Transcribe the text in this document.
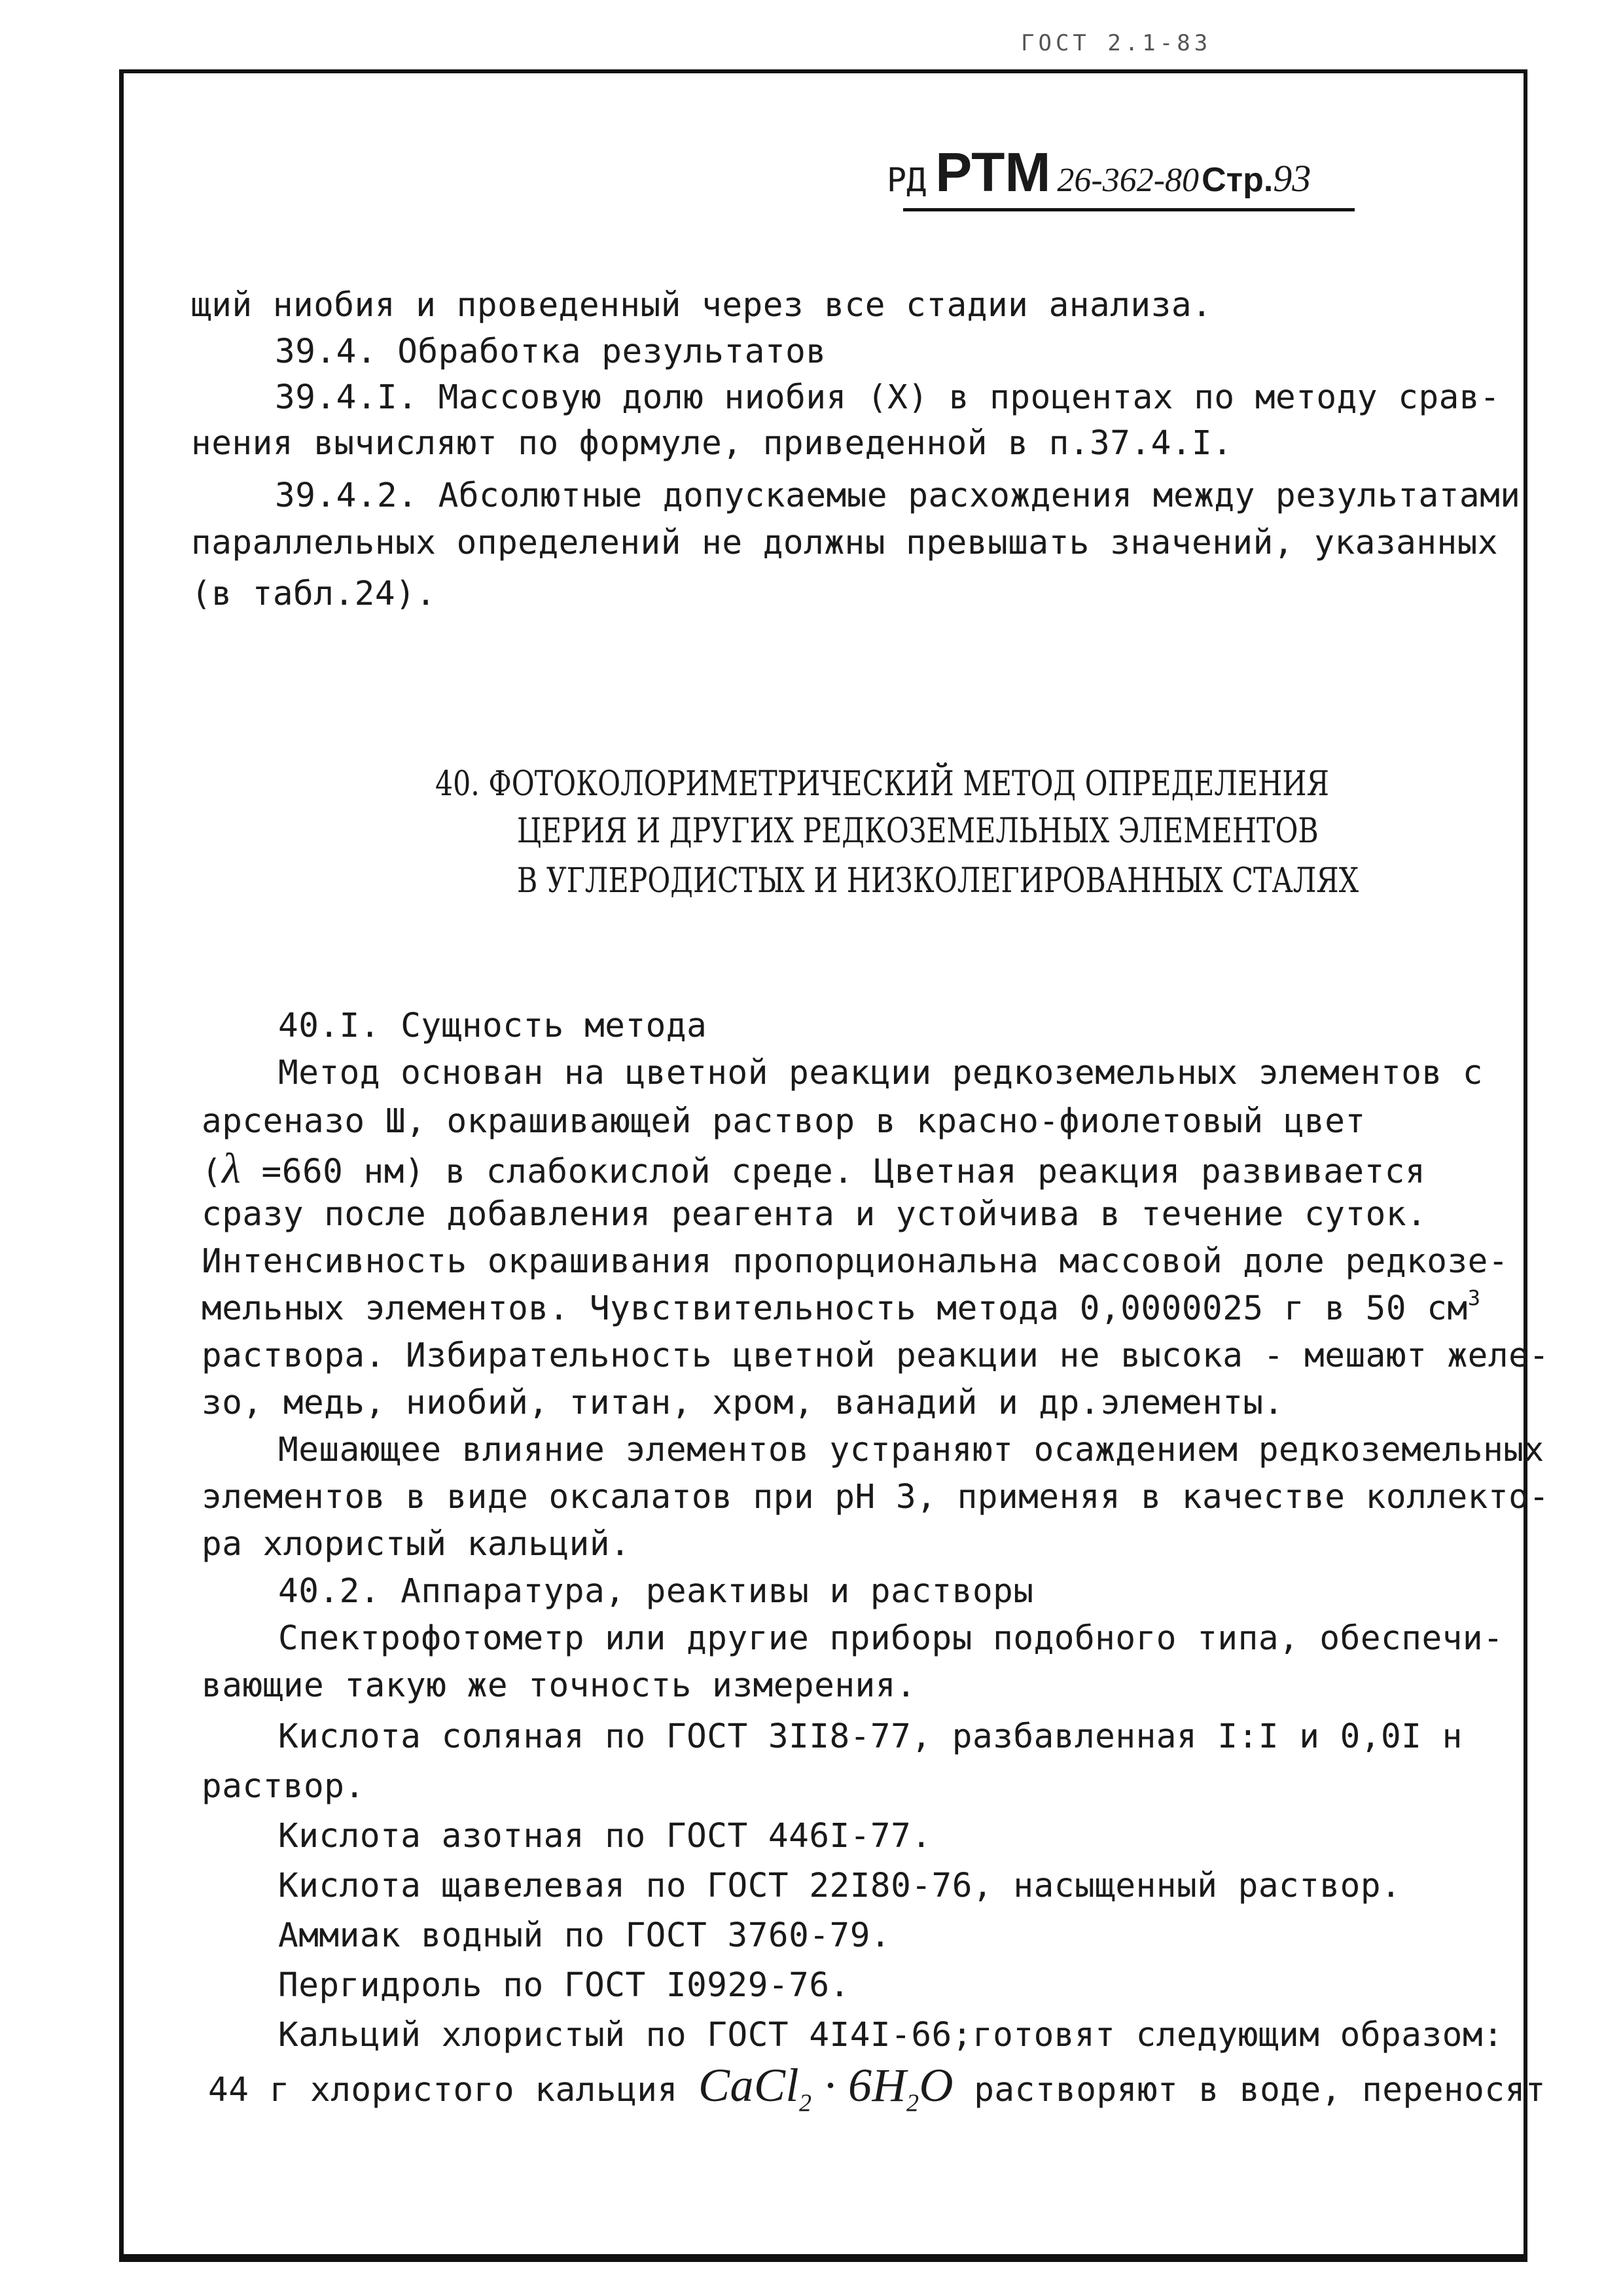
ГОСТ 2.1-83
РД РТМ 26-362-80Стр.93
щий ниобия и проведенный через все стадии анализа.
39.4. Обработка результатов
39.4.I. Массовую долю ниобия (X) в процентах по методу срав-
нения вычисляют по формуле, приведенной в п.37.4.I.
39.4.2. Абсолютные допускаемые расхождения между результатами
параллельных определений не должны превышать значений, указанных
(в табл.24).
40. ФОТОКОЛОРИМЕТРИЧЕСКИЙ МЕТОД ОПРЕДЕЛЕНИЯ
ЦЕРИЯ И ДРУГИХ РЕДКОЗЕМЕЛЬНЫХ ЭЛЕМЕНТОВ
В УГЛЕРОДИСТЫХ И НИЗКОЛЕГИРОВАННЫХ СТАЛЯХ
40.I. Сущность метода
Метод основан на цветной реакции редкоземельных элементов с
арсеназо Ш, окрашивающей раствор в красно-фиолетовый цвет
(λ =660 нм) в слабокислой среде. Цветная реакция развивается
сразу после добавления реагента и устойчива в течение суток.
Интенсивность окрашивания пропорциональна массовой доле редкозе-
мельных элементов. Чувствительность метода 0,0000025 г в 50 $см^3$
раствора. Избирательность цветной реакции не высока - мешают желе-
зо, медь, ниобий, титан, хром, ванадий и др.элементы.
Мешающее влияние элементов устраняют осаждением редкоземельных
элементов в виде оксалатов при pH 3, применяя в качестве коллекто-
ра хлористый кальций.
40.2. Аппаратура, реактивы и растворы
Спектрофотометр или другие приборы подобного типа, обеспечи-
вающие такую же точность измерения.
Кислота соляная по ГОСТ 3II8-77, разбавленная I:I и 0,0I н
раствор.
Кислота азотная по ГОСТ 446I-77.
Кислота щавелевая по ГОСТ 22I80-76, насыщенный раствор.
Аммиак водный по ГОСТ 3760-79.
Пергидроль по ГОСТ I0929-76.
Кальций хлористый по ГОСТ 4I4I-66;готовят следующим образом:
44 г хлористого кальция CaCl$_2$ · $6H_2O$ растворяют в воде, переносят
